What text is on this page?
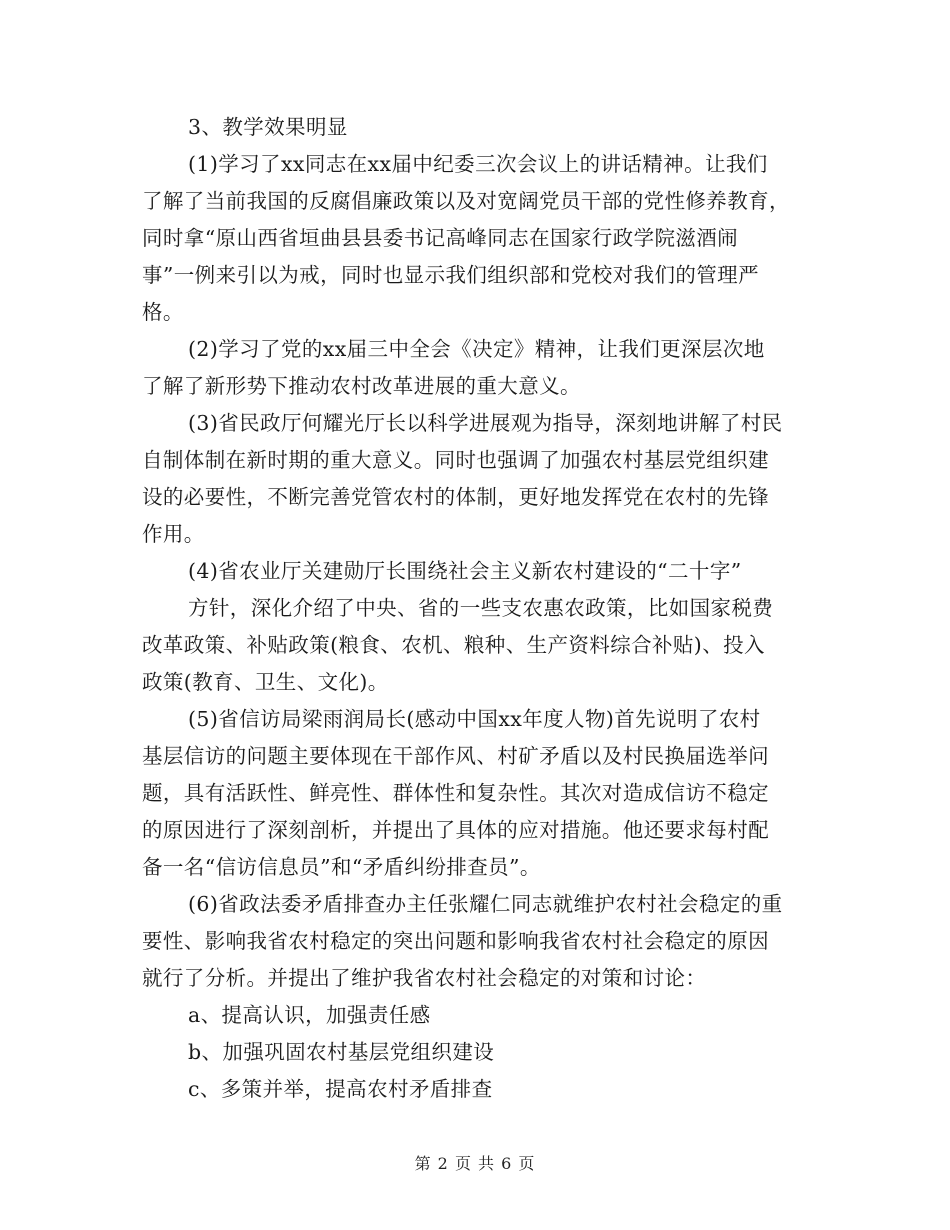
3、教学效果明显
(1)学习了xx同志在xx届中纪委三次会议上的讲话精神。让我们
了解了当前我国的反腐倡廉政策以及对宽阔党员干部的党性修养教育，
同时拿“原山西省垣曲县县委书记高峰同志在国家行政学院滋酒闹
事”一例来引以为戒，同时也显示我们组织部和党校对我们的管理严
格。
(2)学习了党的xx届三中全会《决定》精神，让我们更深层次地
了解了新形势下推动农村改革进展的重大意义。
(3)省民政厅何耀光厅长以科学进展观为指导，深刻地讲解了村民
自制体制在新时期的重大意义。同时也强调了加强农村基层党组织建
设的必要性，不断完善党管农村的体制，更好地发挥党在农村的先锋
作用。
(4)省农业厅关建勋厅长围绕社会主义新农村建设的“二十字”
方针，深化介绍了中央、省的一些支农惠农政策，比如国家税费
改革政策、补贴政策(粮食、农机、粮种、生产资料综合补贴)、投入
政策(教育、卫生、文化)。
(5)省信访局梁雨润局长(感动中国xx年度人物)首先说明了农村
基层信访的问题主要体现在干部作风、村矿矛盾以及村民换届选举问
题，具有活跃性、鲜亮性、群体性和复杂性。其次对造成信访不稳定
的原因进行了深刻剖析，并提出了具体的应对措施。他还要求每村配
备一名“信访信息员”和“矛盾纠纷排查员”。
(6)省政法委矛盾排查办主任张耀仁同志就维护农村社会稳定的重
要性、影响我省农村稳定的突出问题和影响我省农村社会稳定的原因
就行了分析。并提出了维护我省农村社会稳定的对策和讨论：
a、提高认识，加强责任感
b、加强巩固农村基层党组织建设
c、多策并举，提高农村矛盾排查
第 2 页 共 6 页
